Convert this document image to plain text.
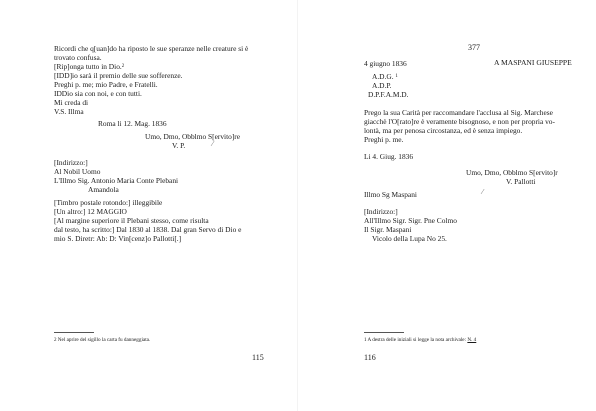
Ricordi che q[uan]do ha riposto le sue speranze nelle creature si è
trovato confusa.
[Rip]onga tutto in Dio.$^2$
[IDD]io sarà il premio delle sue sofferenze.
Preghi p. me; mio Padre, e Fratelli.
IDDio sia con noi, e con tutti.
Mi creda di
V.S. Illma
Roma li 12. Mag. 1836
Umo, Dmo, Obblmo S[ervito]re
V. P.	⁄
[Indirizzo:]
Al Nobil Uomo
L'Illmo Sig. Antonio Maria Conte Plebani
Amandola
[Timbro postale rotondo:] illeggibile
[Un altro:] 12 MAGGIO
[Al margine superiore il Plebani stesso, come risulta
dal testo, ha scritto:] Dal 1830 al 1838. Dal gran Servo di Dio e
mio S. Diretr: Ab: D: Vin[cenz]o Pallotti[.]
2 Nel aprire del sigillo la carta fu danneggiata.
115
377
4 giugno 1836	A MASPANI GIUSEPPE
A.D.G. $^1$
A.D.P.
D.P.F.A.M.D.
Prego la sua Carità per raccomandare l'acclusa al Sig. Marchese
giacchè l'O[rato]re è veramente bisognoso, e non per propria vo-
lontà, ma per penosa circostanza, ed è senza impiego.
Preghi p. me.
Li 4. Giug. 1836
Umo, Dmo, Obblmo S[ervito]r
V. Pallotti
Illmo Sg Maspani	⁄
[Indirizzo:]
All'Illmo Sigr. Sigr. Pne Colmo
Il Sigr. Maspani
Vicolo della Lupa No 25.
1 A destra delle iniziali si legge la nota archivale: N. 4
116
